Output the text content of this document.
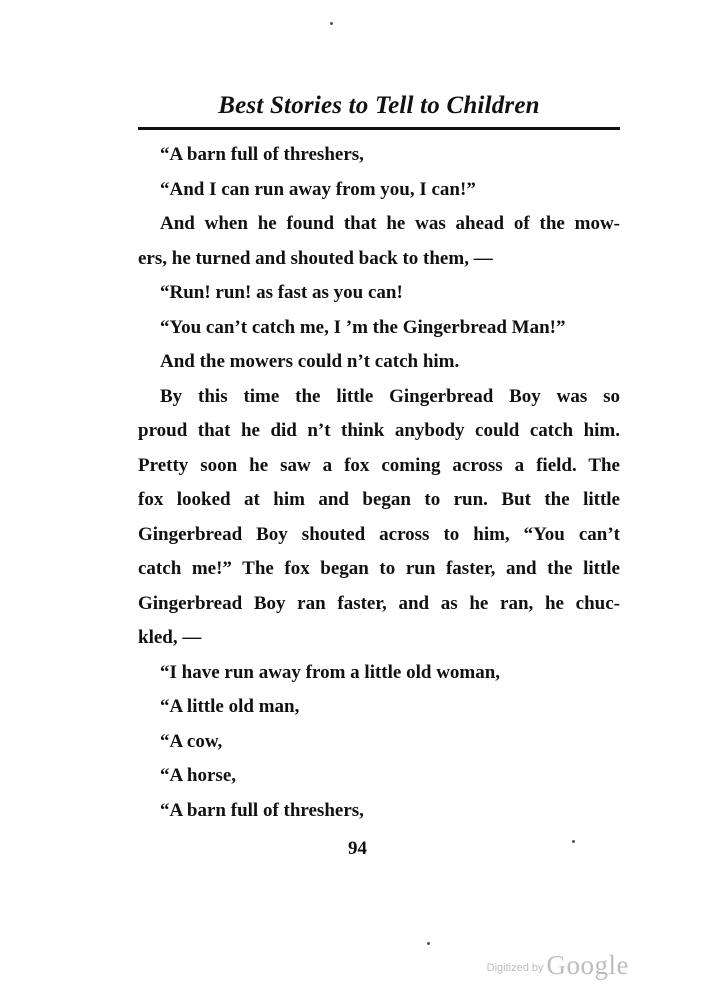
Best Stories to Tell to Children
“A barn full of threshers,
“And I can run away from you, I can!”
And when he found that he was ahead of the mow-
ers, he turned and shouted back to them, —
“Run! run! as fast as you can!
“You can’t catch me, I ’m the Gingerbread Man!”
And the mowers could n’t catch him.
By this time the little Gingerbread Boy was so
proud that he did n’t think anybody could catch him.
Pretty soon he saw a fox coming across a field. The
fox looked at him and began to run. But the little
Gingerbread Boy shouted across to him, “You can’t
catch me!” The fox began to run faster, and the little
Gingerbread Boy ran faster, and as he ran, he chuc-
kled, —
“I have run away from a little old woman,
“A little old man,
“A cow,
“A horse,
“A barn full of threshers,
94
Digitized by Google
